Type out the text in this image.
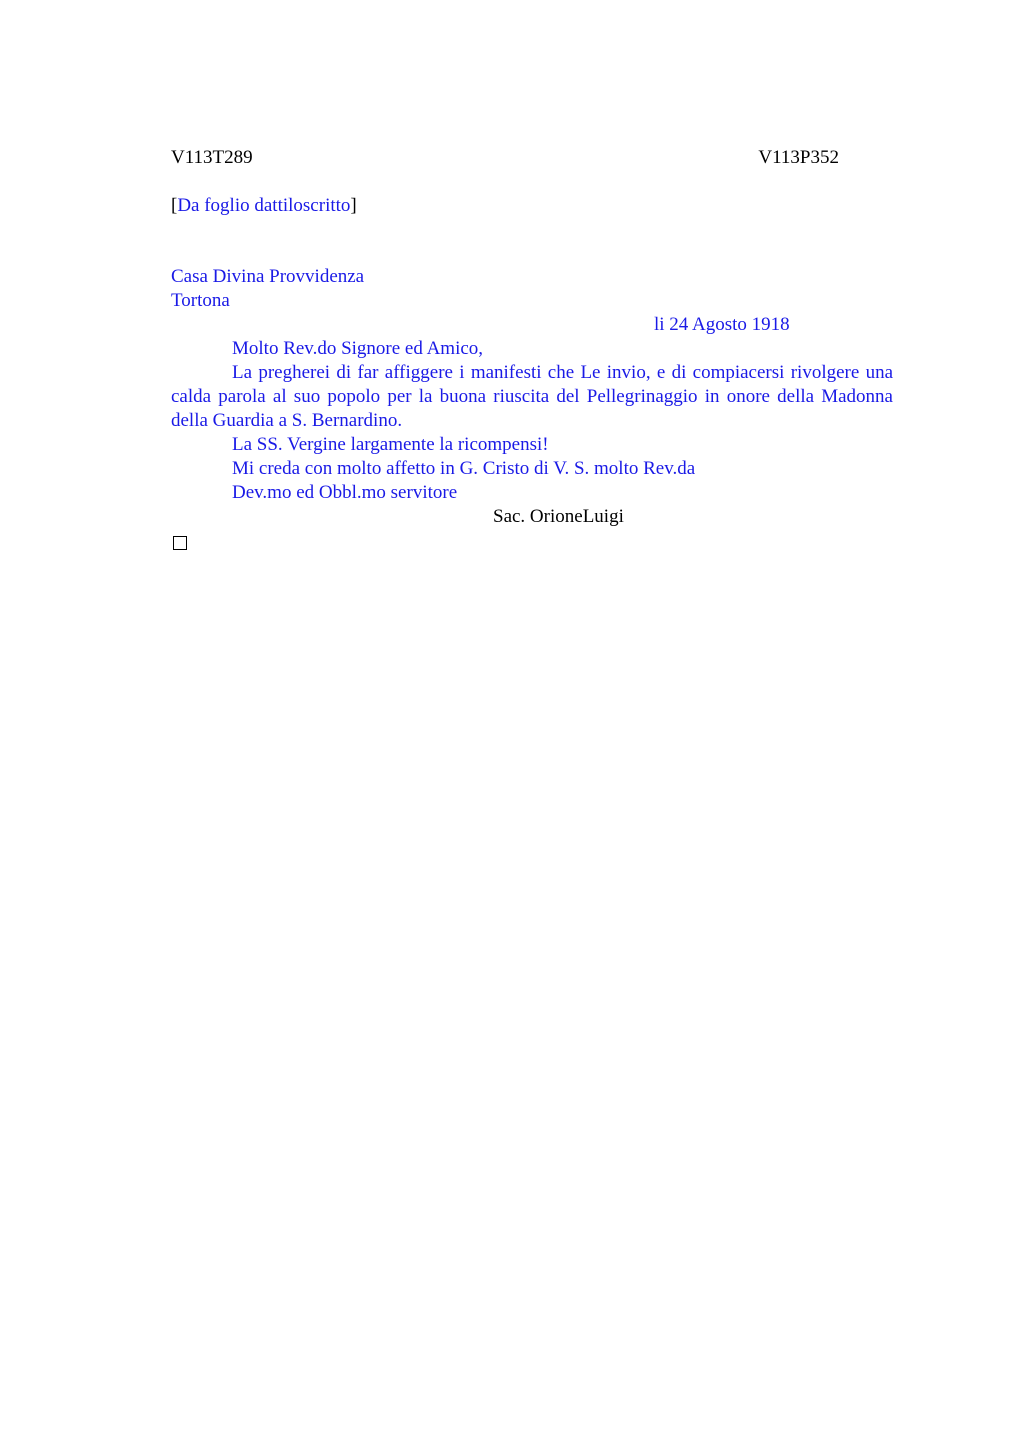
V113T289	V113P352
[Da foglio dattiloscritto]
Casa Divina Provvidenza
Tortona
li 24 Agosto 1918
Molto Rev.do Signore ed Amico,
La pregherei di far affiggere i manifesti che Le invio, e di compiacersi rivolgere una calda parola al suo popolo per la buona riuscita del Pellegrinaggio in onore della Madonna della Guardia a S. Bernardino.
La SS. Vergine largamente la ricompensi!
Mi creda con molto affetto in G. Cristo di V. S. molto Rev.da
Dev.mo ed Obbl.mo servitore
Sac. OrioneLuigi
